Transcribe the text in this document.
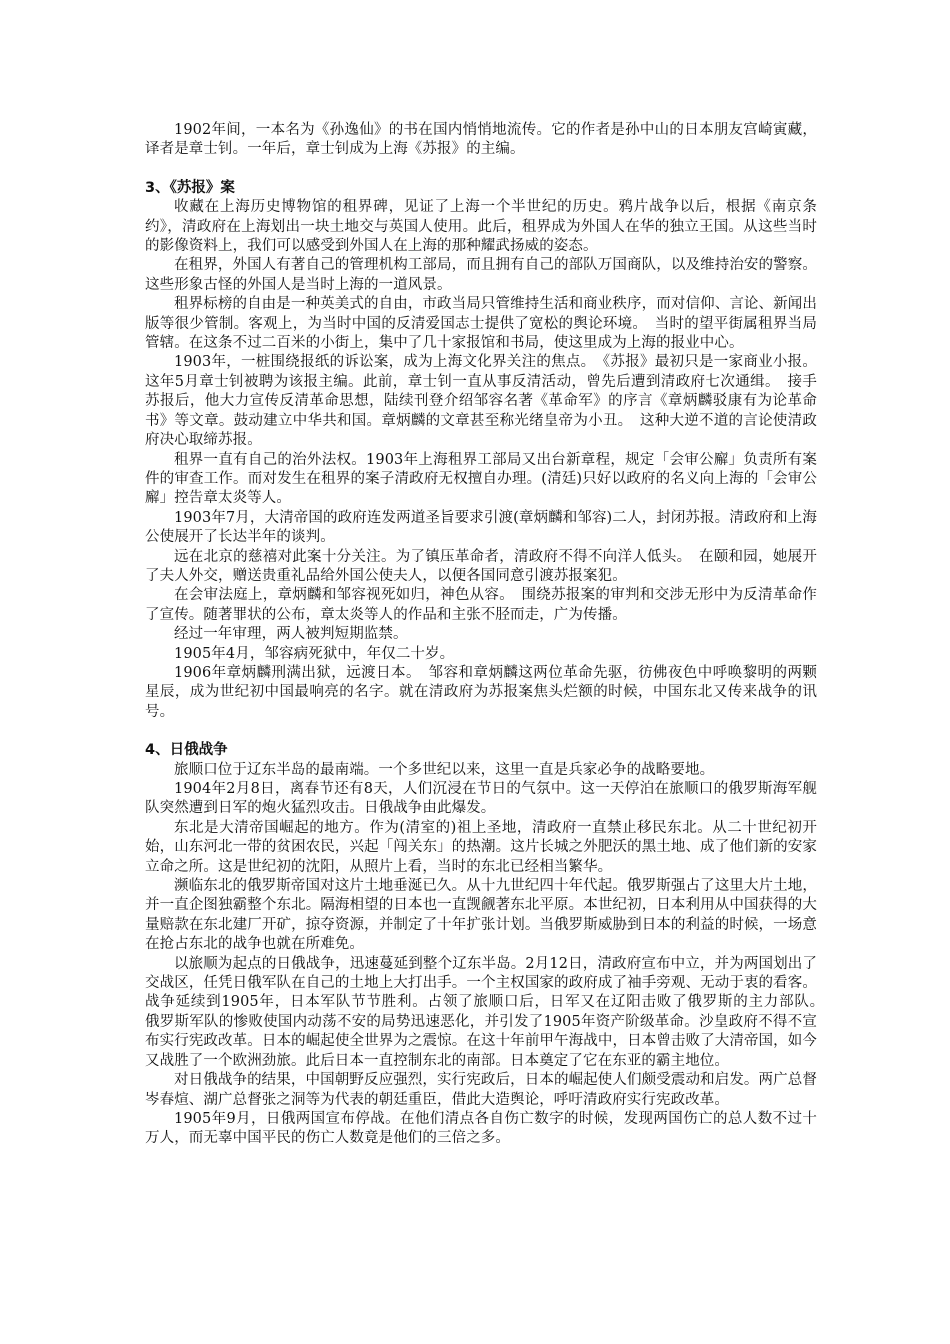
1902年间，一本名为《孙逸仙》的书在国内悄悄地流传。它的作者是孙中山的日本朋友宫崎寅藏，译者是章士钊。一年后，章士钊成为上海《苏报》的主编。

3、《苏报》案

收藏在上海历史博物馆的租界碑，见证了上海一个半世纪的历史。鸦片战争以后，根据《南京条约》，清政府在上海划出一块土地交与英国人使用。此后，租界成为外国人在华的独立王国。从这些当时的影像资料上，我们可以感受到外国人在上海的那种耀武扬威的姿态。

在租界，外国人有著自己的管理机构工部局，而且拥有自己的部队万国商队，以及维持治安的警察。这些形象古怪的外国人是当时上海的一道风景。

租界标榜的自由是一种英美式的自由，市政当局只管维持生活和商业秩序，而对信仰、言论、新闻出版等很少管制。客观上，为当时中国的反清爱国志士提供了宽松的舆论环境。　当时的望平街属租界当局管辖。在这条不过二百米的小街上，集中了几十家报馆和书局，使这里成为上海的报业中心。

1903年，一桩围绕报纸的诉讼案，成为上海文化界关注的焦点。　《苏报》最初只是一家商业小报。这年5月章士钊被聘为该报主编。此前，章士钊一直从事反清活动，曾先后遭到清政府七次通缉。　接手苏报后，他大力宣传反清革命思想，陆续刊登介绍邹容名著《革命军》的序言《章炳麟驳康有为论革命书》等文章。鼓动建立中华共和国。章炳麟的文章甚至称光绪皇帝为小丑。　这种大逆不道的言论使清政府决心取缔苏报。

租界一直有自己的治外法权。1903年上海租界工部局又出台新章程，规定「会审公廨」负责所有案件的审查工作。而对发生在租界的案子清政府无权擅自办理。(清廷)只好以政府的名义向上海的「会审公廨」控告章太炎等人。

1903年7月，大清帝国的政府连发两道圣旨要求引渡(章炳麟和邹容)二人，封闭苏报。清政府和上海公使展开了长达半年的谈判。

远在北京的慈禧对此案十分关注。为了镇压革命者，清政府不得不向洋人低头。　在颐和园，她展开了夫人外交，赠送贵重礼品给外国公使夫人，以便各国同意引渡苏报案犯。

在会审法庭上，章炳麟和邹容视死如归，神色从容。　围绕苏报案的审判和交涉无形中为反清革命作了宣传。随著罪状的公布，章太炎等人的作品和主张不胫而走，广为传播。

经过一年审理，两人被判短期监禁。

1905年4月，邹容病死狱中，年仅二十岁。

1906年章炳麟刑满出狱，远渡日本。　邹容和章炳麟这两位革命先驱，彷佛夜色中呼唤黎明的两颗星辰，成为世纪初中国最响亮的名字。就在清政府为苏报案焦头烂额的时候，中国东北又传来战争的讯号。

4、日俄战争

旅顺口位于辽东半岛的最南端。一个多世纪以来，这里一直是兵家必争的战略要地。

1904年2月8日，离春节还有8天，人们沉浸在节日的气氛中。这一天停泊在旅顺口的俄罗斯海军舰队突然遭到日军的炮火猛烈攻击。日俄战争由此爆发。

东北是大清帝国崛起的地方。作为(清室的)祖上圣地，清政府一直禁止移民东北。从二十世纪初开始，山东河北一带的贫困农民，兴起「闯关东」的热潮。这片长城之外肥沃的黑土地、成了他们新的安家立命之所。这是世纪初的沈阳，从照片上看，当时的东北已经相当繁华。

濒临东北的俄罗斯帝国对这片土地垂涎已久。从十九世纪四十年代起。俄罗斯强占了这里大片土地，并一直企图独霸整个东北。隔海相望的日本也一直觊觎著东北平原。本世纪初，日本利用从中国获得的大量赔款在东北建厂开矿，掠夺资源，并制定了十年扩张计划。当俄罗斯威胁到日本的利益的时候，一场意在抢占东北的战争也就在所难免。

以旅顺为起点的日俄战争，迅速蔓延到整个辽东半岛。2月12日，清政府宣布中立，并为两国划出了交战区，任凭日俄军队在自己的土地上大打出手。一个主权国家的政府成了袖手旁观、无动于衷的看客。战争延续到1905年，日本军队节节胜利。占领了旅顺口后，日军又在辽阳击败了俄罗斯的主力部队。　　俄罗斯军队的惨败使国内动荡不安的局势迅速恶化，并引发了1905年资产阶级革命。沙皇政府不得不宣布实行宪政改革。日本的崛起使全世界为之震惊。在这十年前甲午海战中，日本曾击败了大清帝国，如今又战胜了一个欧洲劲旅。此后日本一直控制东北的南部。日本奠定了它在东亚的霸主地位。

对日俄战争的结果，中国朝野反应强烈，实行宪政后，日本的崛起使人们颇受震动和启发。两广总督岑春煊、湖广总督张之洞等为代表的朝廷重臣，借此大造舆论，呼吁清政府实行宪政改革。

1905年9月，日俄两国宣布停战。在他们清点各自伤亡数字的时候，发现两国伤亡的总人数不过十万人，而无辜中国平民的伤亡人数竟是他们的三倍之多。
